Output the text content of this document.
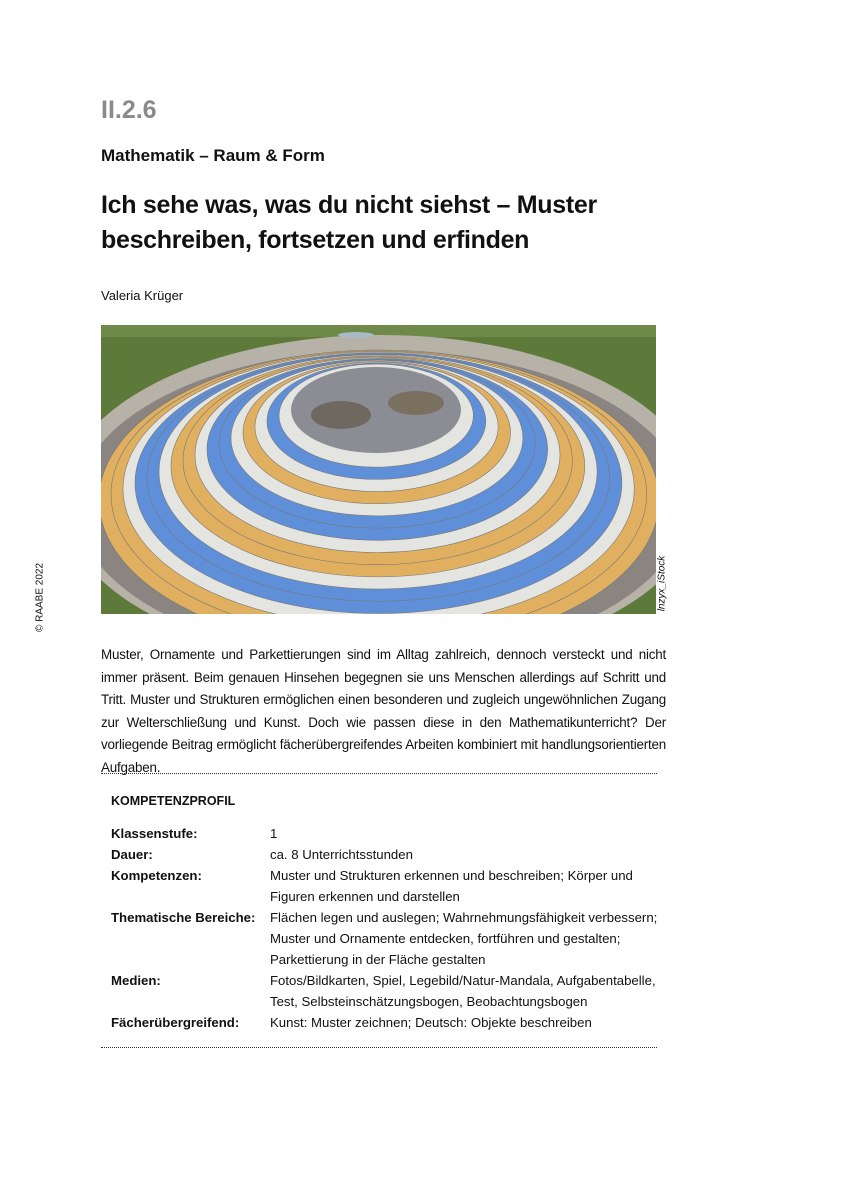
II.2.6
Mathematik – Raum & Form
Ich sehe was, was du nicht siehst – Muster beschreiben, fortsetzen und erfinden
Valeria Krüger
lnzyx_iStock
© RAABE 2022
Muster, Ornamente und Parkettierungen sind im Alltag zahlreich, dennoch versteckt und nicht immer präsent. Beim genauen Hinsehen begegnen sie uns Menschen allerdings auf Schritt und Tritt. Muster und Strukturen ermöglichen einen besonderen und zugleich ungewöhnlichen Zugang zur Welterschließung und Kunst. Doch wie passen diese in den Mathematikunterricht? Der vorliegende Beitrag ermöglicht fächerübergreifendes Arbeiten kombiniert mit handlungsorientierten Aufgaben.
KOMPETENZPROFIL
Klassenstufe:	1
Dauer:	ca. 8 Unterrichtsstunden
Kompetenzen:	Muster und Strukturen erkennen und beschreiben; Körper und Figuren erkennen und darstellen
Thematische Bereiche:	Flächen legen und auslegen; Wahrnehmungsfähigkeit verbessern; Muster und Ornamente entdecken, fortführen und gestalten; Parkettierung in der Fläche gestalten
Medien:	Fotos/Bildkarten, Spiel, Legebild/Natur-Mandala, Aufgabentabelle, Test, Selbsteinschätzungsbogen, Beobachtungsbogen
Fächerübergreifend:	Kunst: Muster zeichnen; Deutsch: Objekte beschreiben
